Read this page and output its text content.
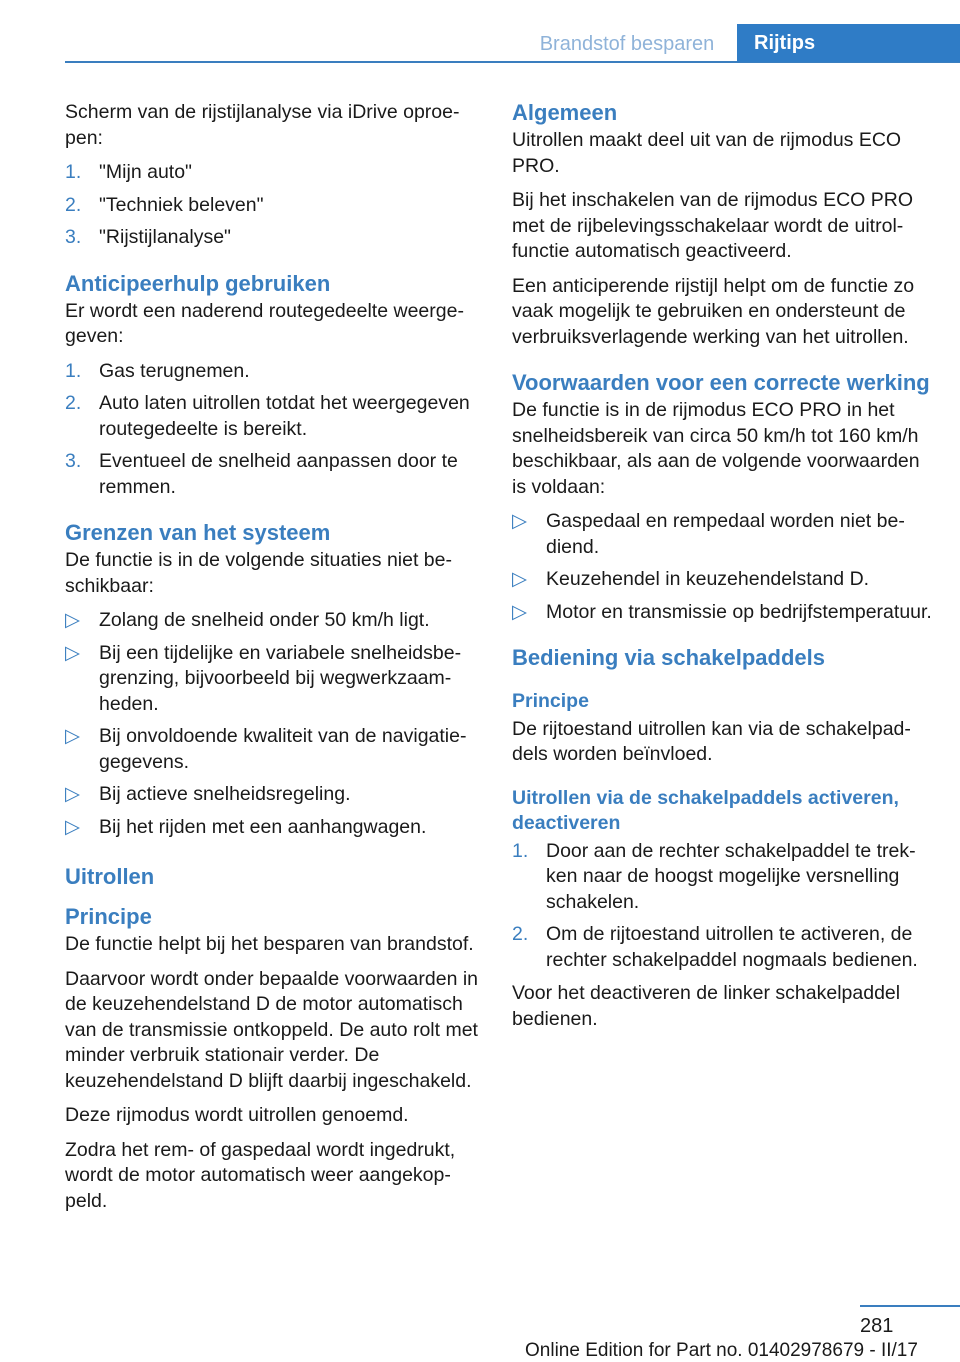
Brandstof besparen	Rijtips

Scherm van de rijstijlanalyse via iDrive oproepen:

1. "Mijn auto"
2. "Techniek beleven"
3. "Rijstijlanalyse"
Anticipeerhulp gebruiken

Er wordt een naderend routegedeelte weergegeven:

1. Gas terugnemen.
2. Auto laten uitrollen totdat het weergegeven routegedeelte is bereikt.
3. Eventueel de snelheid aanpassen door te remmen.
Grenzen van het systeem

De functie is in de volgende situaties niet beschikbaar:

▷ Zolang de snelheid onder 50 km/h ligt.
▷ Bij een tijdelijke en variabele snelheidsbegrenzing, bijvoorbeeld bij wegwerkzaamheden.
▷ Bij onvoldoende kwaliteit van de navigatiegegevens.
▷ Bij actieve snelheidsregeling.
▷ Bij het rijden met een aanhangwagen.
Uitrollen
Principe

De functie helpt bij het besparen van brandstof.

Daarvoor wordt onder bepaalde voorwaarden in de keuzehendelstand D de motor automatisch van de transmissie ontkoppeld. De auto rolt met minder verbruik stationair verder. De keuzehendelstand D blijft daarbij ingeschakeld.

Deze rijmodus wordt uitrollen genoemd.

Zodra het rem- of gaspedaal wordt ingedrukt, wordt de motor automatisch weer aangekoppeld.

Algemeen

Uitrollen maakt deel uit van de rijmodus ECO PRO.

Bij het inschakelen van de rijmodus ECO PRO met de rijbelevingsschakelaar wordt de uitrolfunctie automatisch geactiveerd.

Een anticiperende rijstijl helpt om de functie zo vaak mogelijk te gebruiken en ondersteunt de verbruiksverlagende werking van het uitrollen.

Voorwaarden voor een correcte werking

De functie is in de rijmodus ECO PRO in het snelheidsbereik van circa 50 km/h tot 160 km/h beschikbaar, als aan de volgende voorwaarden is voldaan:

▷ Gaspedaal en rempedaal worden niet bediend.
▷ Keuzehendel in keuzehendelstand D.
▷ Motor en transmissie op bedrijfstemperatuur.
Bediening via schakelpaddels
Principe

De rijtoestand uitrollen kan via de schakelpaddels worden beïnvloed.

Uitrollen via de schakelpaddels activeren, deactiveren
1. Door aan de rechter schakelpaddel te trekken naar de hoogst mogelijke versnelling schakelen.
2. Om de rijtoestand uitrollen te activeren, de rechter schakelpaddel nogmaals bedienen.

Voor het deactiveren de linker schakelpaddel bedienen.

281
Online Edition for Part no. 01402978679 - II/17
